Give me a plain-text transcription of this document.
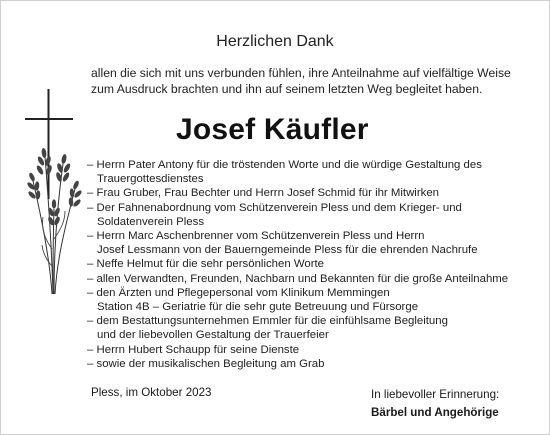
Herzlichen Dank
allen die sich mit uns verbunden fühlen, ihre Anteilnahme auf vielfältige Weise
zum Ausdruck brachten und ihn auf seinem letzten Weg begleitet haben.
Josef Käufler
– Herrn Pater Antony für die tröstenden Worte und die würdige Gestaltung des
Trauergottesdienstes
– Frau Gruber, Frau Bechter und Herrn Josef Schmid für ihr Mitwirken
– Der Fahnenabordnung vom Schützenverein Pless und dem Krieger- und
Soldatenverein Pless
– Herrn Marc Aschenbrenner vom Schützenverein Pless und Herrn
Josef Lessmann von der Bauerngemeinde Pless für die ehrenden Nachrufe
– Neffe Helmut für die sehr persönlichen Worte
– allen Verwandten, Freunden, Nachbarn und Bekannten für die große Anteilnahme
– den Ärzten und Pflegepersonal vom Klinikum Memmingen
Station 4B – Geriatrie für die sehr gute Betreuung und Fürsorge
– dem Bestattungsunternehmen Emmler für die einfühlsame Begleitung
und der liebevollen Gestaltung der Trauerfeier
– Herrn Hubert Schaupp für seine Dienste
– sowie der musikalischen Begleitung am Grab
Pless, im Oktober 2023	In liebevoller Erinnerung:
Bärbel und Angehörige
